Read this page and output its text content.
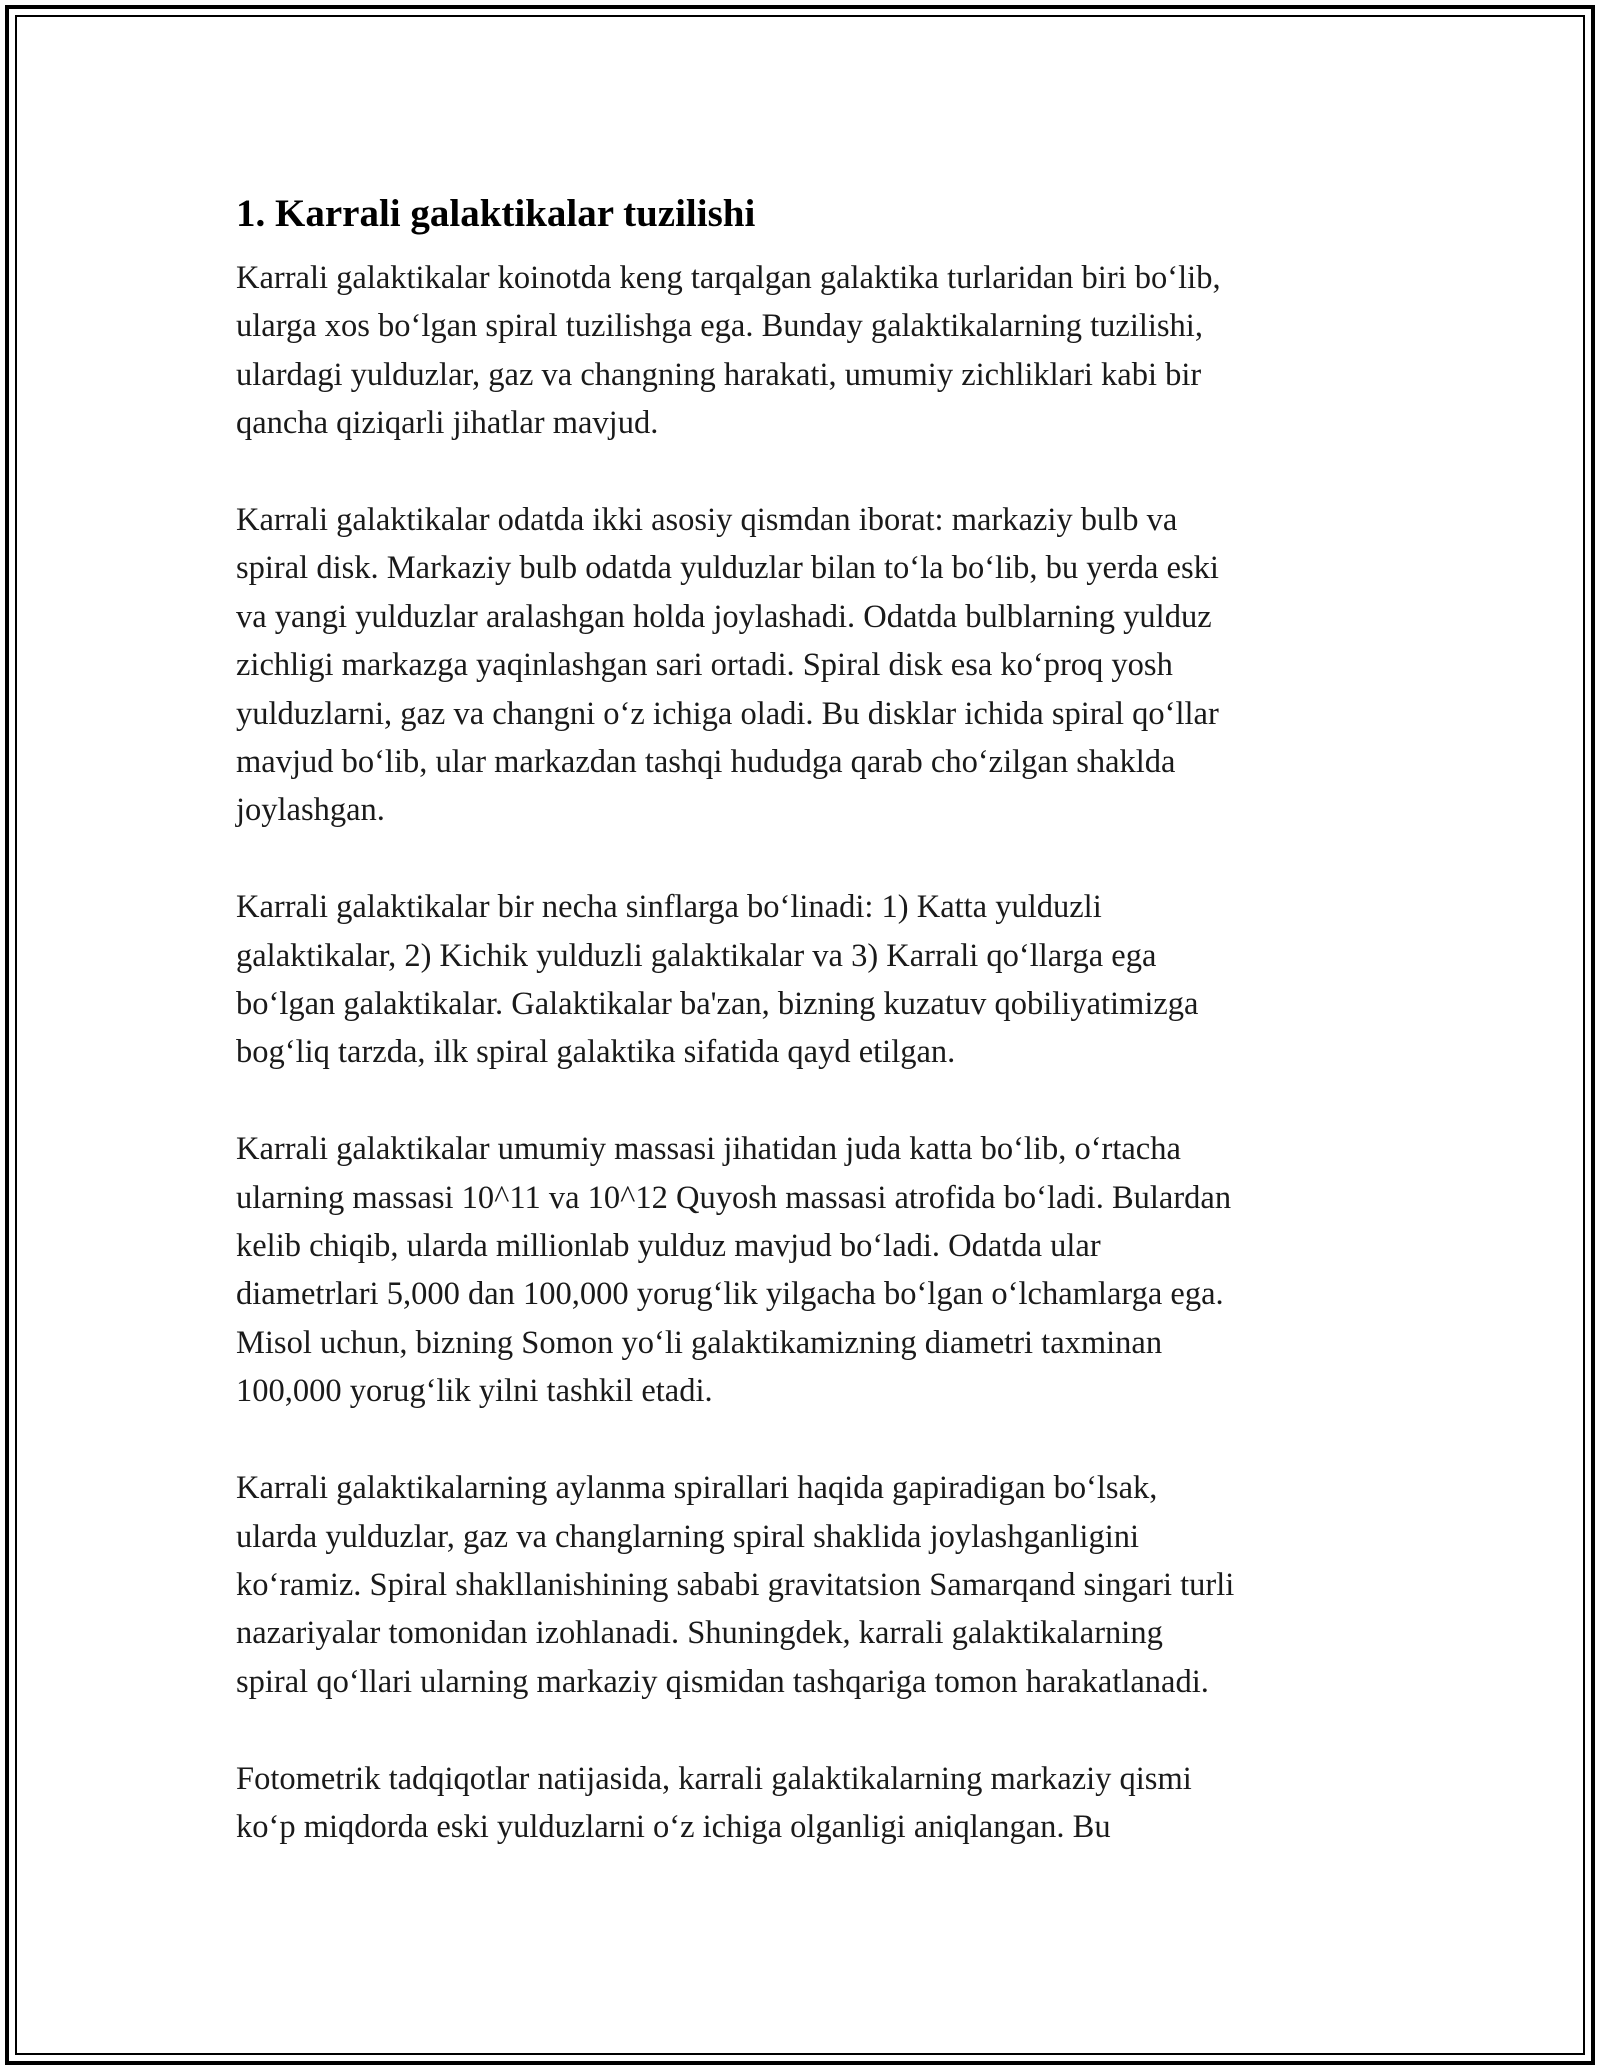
1. Karrali galaktikalar tuzilishi

Karrali galaktikalar koinotda keng tarqalgan galaktika turlaridan biri bo‘lib,
ularga xos bo‘lgan spiral tuzilishga ega. Bunday galaktikalarning tuzilishi,
ulardagi yulduzlar, gaz va changning harakati, umumiy zichliklari kabi bir
qancha qiziqarli jihatlar mavjud.

Karrali galaktikalar odatda ikki asosiy qismdan iborat: markaziy bulb va
spiral disk. Markaziy bulb odatda yulduzlar bilan to‘la bo‘lib, bu yerda eski
va yangi yulduzlar aralashgan holda joylashadi. Odatda bulblarning yulduz
zichligi markazga yaqinlashgan sari ortadi. Spiral disk esa ko‘proq yosh
yulduzlarni, gaz va changni o‘z ichiga oladi. Bu disklar ichida spiral qo‘llar
mavjud bo‘lib, ular markazdan tashqi hududga qarab cho‘zilgan shaklda
joylashgan.

Karrali galaktikalar bir necha sinflarga bo‘linadi: 1) Katta yulduzli
galaktikalar, 2) Kichik yulduzli galaktikalar va 3) Karrali qo‘llarga ega
bo‘lgan galaktikalar. Galaktikalar ba'zan, bizning kuzatuv qobiliyatimizga
bog‘liq tarzda, ilk spiral galaktika sifatida qayd etilgan.

Karrali galaktikalar umumiy massasi jihatidan juda katta bo‘lib, o‘rtacha
ularning massasi 10^11 va 10^12 Quyosh massasi atrofida bo‘ladi. Bulardan
kelib chiqib, ularda millionlab yulduz mavjud bo‘ladi. Odatda ular
diametrlari 5,000 dan 100,000 yorug‘lik yilgacha bo‘lgan o‘lchamlarga ega.
Misol uchun, bizning Somon yo‘li galaktikamizning diametri taxminan
100,000 yorug‘lik yilni tashkil etadi.

Karrali galaktikalarning aylanma spirallari haqida gapiradigan bo‘lsak,
ularda yulduzlar, gaz va changlarning spiral shaklida joylashganligini
ko‘ramiz. Spiral shakllanishining sababi gravitatsion Samarqand singari turli
nazariyalar tomonidan izohlanadi. Shuningdek, karrali galaktikalarning
spiral qo‘llari ularning markaziy qismidan tashqariga tomon harakatlanadi.

Fotometrik tadqiqotlar natijasida, karrali galaktikalarning markaziy qismi
ko‘p miqdorda eski yulduzlarni o‘z ichiga olganligi aniqlangan. Bu
